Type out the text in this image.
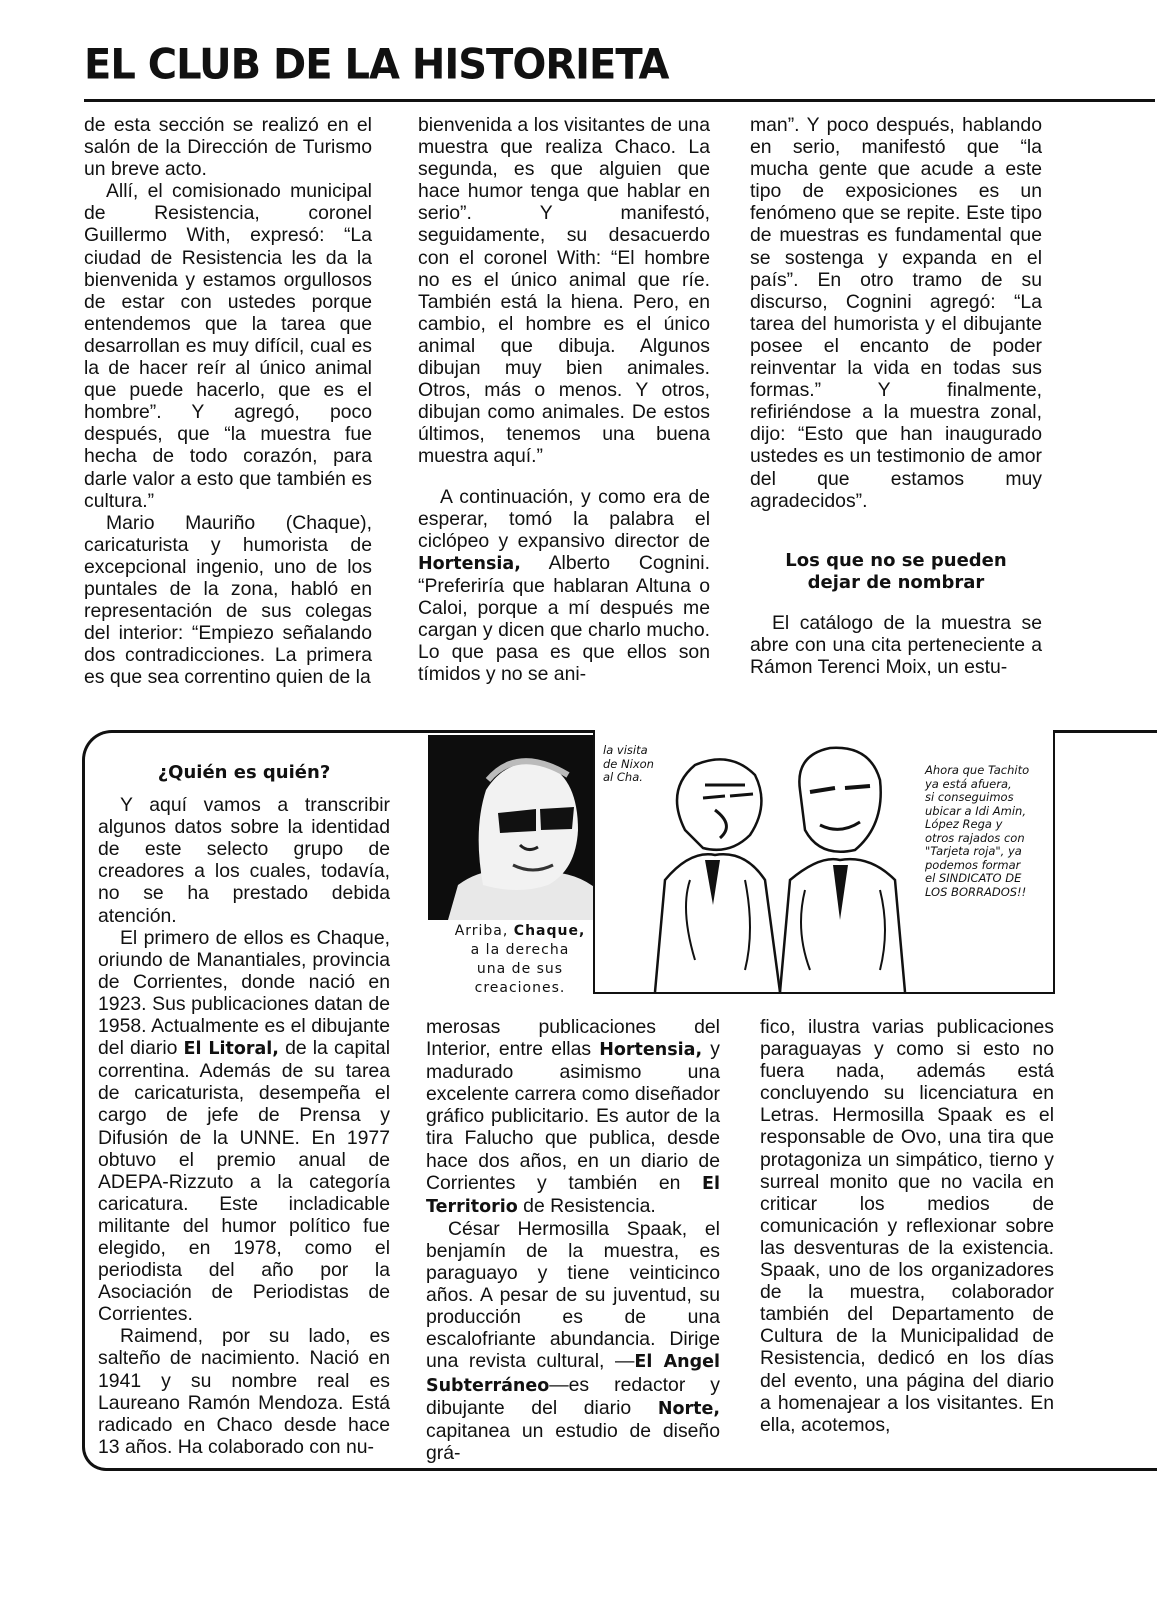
EL CLUB DE LA HISTORIETA

de esta sección se realizó en el salón de la Dirección de Turismo un breve acto.

Allí, el comisionado municipal de Resistencia, coronel Guillermo With, expresó: “La ciudad de Resistencia les da la bienvenida y estamos orgullosos de estar con ustedes porque entendemos que la tarea que desarrollan es muy difícil, cual es la de hacer reír al único animal que puede hacerlo, que es el hombre”. Y agregó, poco después, que “la muestra fue hecha de todo corazón, para darle valor a esto que también es cultura.”

Mario Mauriño (Chaque), caricaturista y humorista de excepcional ingenio, uno de los puntales de la zona, habló en representación de sus colegas del interior: “Empiezo señalando dos contradicciones. La primera es que sea correntino quien de la

bienvenida a los visitantes de una muestra que realiza Chaco. La segunda, es que alguien que hace humor tenga que hablar en serio”. Y manifestó, seguidamente, su desacuerdo con el coronel With: “El hombre no es el único animal que ríe. También está la hiena. Pero, en cambio, el hombre es el único animal que dibuja. Algunos dibujan muy bien animales. Otros, más o menos. Y otros, dibujan como animales. De estos últimos, tenemos una buena muestra aquí.”

A continuación, y como era de esperar, tomó la palabra el ciclópeo y expansivo director de Hortensia, Alberto Cognini. “Preferiría que hablaran Altuna o Caloi, porque a mí después me cargan y dicen que charlo mucho. Lo que pasa es que ellos son tímidos y no se ani-

man”. Y poco después, hablando en serio, manifestó que “la mucha gente que acude a este tipo de exposiciones es un fenómeno que se repite. Este tipo de muestras es fundamental que se sostenga y expanda en el país”. En otro tramo de su discurso, Cognini agregó: “La tarea del humorista y el dibujante posee el encanto de poder reinventar la vida en todas sus formas.” Y finalmente, refiriéndose a la muestra zonal, dijo: “Esto que han inaugurado ustedes es un testimonio de amor del que estamos muy agradecidos”.

Los que no se pueden
dejar de nombrar

El catálogo de la muestra se abre con una cita perteneciente a Rámon Terenci Moix, un estu-

¿Quién es quién?

Y aquí vamos a transcribir algunos datos sobre la identidad de este selecto grupo de creadores a los cuales, todavía, no se ha prestado debida atención.

El primero de ellos es Chaque, oriundo de Manantiales, provincia de Corrientes, donde nació en 1923. Sus publicaciones datan de 1958. Actualmente es el dibujante del diario El Litoral, de la capital correntina. Además de su tarea de caricaturista, desempeña el cargo de jefe de Prensa y Difusión de la UNNE. En 1977 obtuvo el premio anual de ADEPA-Rizzuto a la categoría caricatura. Este incladicable militante del humor político fue elegido, en 1978, como el periodista del año por la Asociación de Periodistas de Corrientes.

Raimend, por su lado, es salteño de nacimiento. Nació en 1941 y su nombre real es Laureano Ramón Mendoza. Está radicado en Chaco desde hace 13 años. Ha colaborado con nu-

Arriba, Chaque,
a la derecha
una de sus
creaciones.
la visita
de Nixon
al Cha.	Ahora que Tachito
ya está afuera,
si conseguimos
ubicar a Idi Amin,
López Rega y
otros rajados con
"Tarjeta roja", ya
podemos formar
el SINDICATO DE
LOS BORRADOS!!

merosas publicaciones del Interior, entre ellas Hortensia, y madurado asimismo una excelente carrera como diseñador gráfico publicitario. Es autor de la tira Falucho que publica, desde hace dos años, en un diario de Corrientes y también en El Territorio de Resistencia.

César Hermosilla Spaak, el benjamín de la muestra, es paraguayo y tiene veinticinco años. A pesar de su juventud, su producción es de una escalofriante abundancia. Dirige una revista cultural, —El Angel Subterráneo—es redactor y dibujante del diario Norte, capitanea un estudio de diseño grá-

fico, ilustra varias publicaciones paraguayas y como si esto no fuera nada, además está concluyendo su licenciatura en Letras. Hermosilla Spaak es el responsable de Ovo, una tira que protagoniza un simpático, tierno y surreal monito que no vacila en criticar los medios de comunicación y reflexionar sobre las desventuras de la existencia. Spaak, uno de los organizadores de la muestra, colaborador también del Departamento de Cultura de la Municipalidad de Resistencia, dedicó en los días del evento, una página del diario a homenajear a los visitantes. En ella, acotemos,
